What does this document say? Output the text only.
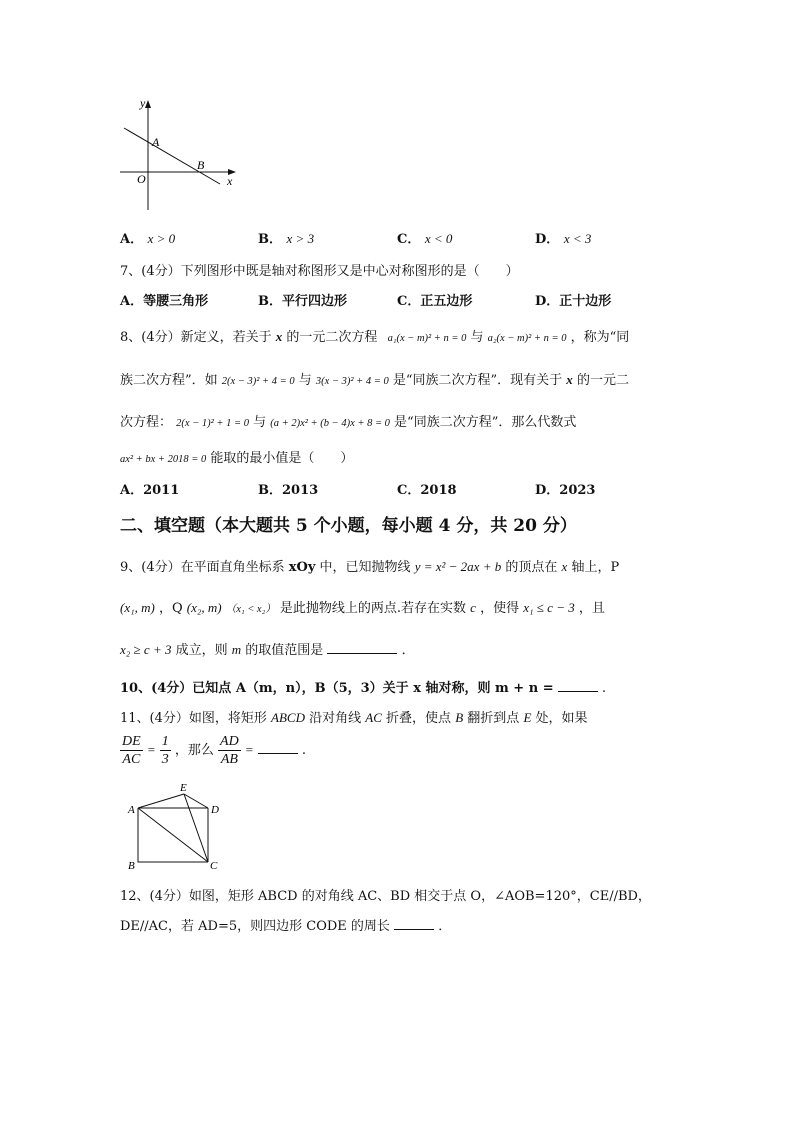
y
x
A
B
O
A． x > 0	B． x > 3	C． x < 0	D． x < 3
7、(4分）下列图形中既是轴对称图形又是中心对称图形的是（　　）
A．等腰三角形	B．平行四边形	C．正五边形	D．正十边形
8、(4分）新定义，若关于 x 的一元二次方程 a₁(x − m)² + n = 0 与 a₂(x − m)² + n = 0 ，称为“同
族二次方程”．如 2(x − 3)² + 4 = 0 与 3(x − 3)² + 4 = 0 是“同族二次方程”．现有关于 x 的一元二
次方程： 2(x − 1)² + 1 = 0 与 (a + 2)x² + (b − 4)x + 8 = 0 是“同族二次方程”．那么代数式
ax² + bx + 2018 = 0 能取的最小值是（　　）
A．2011	B．2013	C．2018	D．2023
二、填空题（本大题共 5 个小题，每小题 4 分，共 20 分）
9、(4分）在平面直角坐标系 xOy 中，已知抛物线 y = x² − 2ax + b 的顶点在 x 轴上，P
(x₁, m) ，Q (x₂, m) （x₁ < x₂） 是此抛物线上的两点.若存在实数 c ，使得 x₁ ≤ c − 3 ，且
x₂ ≥ c + 3 成立，则 m 的取值范围是	．
10、(4分）已知点 A（m，n），B（5，3）关于 x 轴对称，则 m + n =	.
11、(4分）如图，将矩形 ABCD 沿对角线 AC 折叠，使点 B 翻折到点 E 处，如果
$\frac{DE}{AC} = \frac{1}{3}$ ，那么 $\frac{AD}{AB}$ =	.
A
B	C
D
E
12、(4分）如图，矩形 ABCD 的对角线 AC、BD 相交于点 O，∠AOB=120°，CE//BD，
DE//AC，若 AD=5，则四边形 CODE 的周长	．
